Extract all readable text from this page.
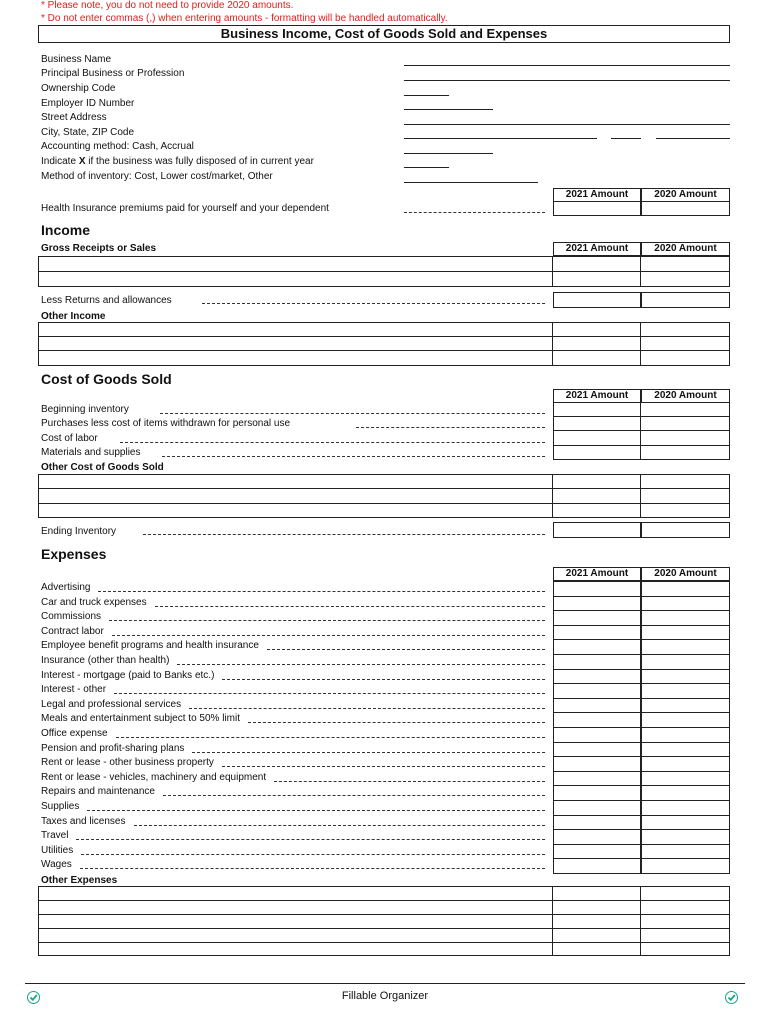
* Please note, you do not need to provide 2020 amounts.
* Do not enter commas (,) when entering amounts - formatting will be handled automatically.
Business Income, Cost of Goods Sold and Expenses
Business Name
Principal Business or Profession
Ownership Code
Employer ID Number
Street Address
City, State, ZIP Code
Accounting method: Cash, Accrual
Indicate X if the business was fully disposed of in current year
Method of inventory: Cost, Lower cost/market, Other
2021 Amount	2020 Amount
Health Insurance premiums paid for yourself and your dependent
Income
Gross Receipts or Sales	2021 Amount	2020 Amount
Less Returns and allowances
Other Income
Cost of Goods Sold
2021 Amount	2020 Amount
Beginning inventory
Purchases less cost of items withdrawn for personal use
Cost of labor
Materials and supplies
Other Cost of Goods Sold
Ending Inventory
Expenses
2021 Amount	2020 Amount
Advertising
Car and truck expenses
Commissions
Contract labor
Employee benefit programs and health insurance
Insurance (other than health)
Interest - mortgage (paid to Banks etc.)
Interest - other
Legal and professional services
Meals and entertainment subject to 50% limit
Office expense
Pension and profit-sharing plans
Rent or lease - other business property
Rent or lease - vehicles, machinery and equipment
Repairs and maintenance
Supplies
Taxes and licenses
Travel
Utilities
Wages
Other Expenses
Fillable Organizer
